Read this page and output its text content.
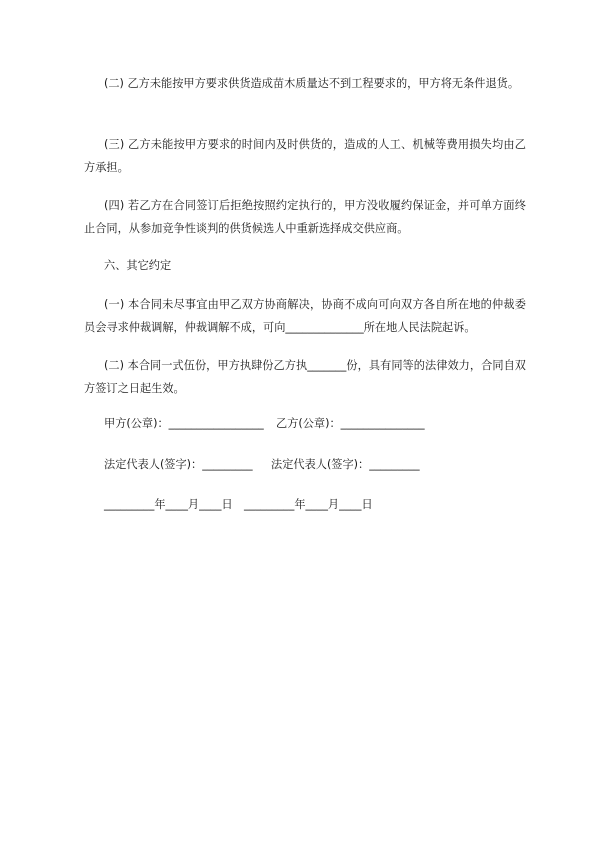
(二) 乙方未能按甲方要求供货造成苗木质量达不到工程要求的，甲方将无条件退货。

(三) 乙方未能按甲方要求的时间内及时供货的，造成的人工、机械等费用损失均由乙方承担。

(四) 若乙方在合同签订后拒绝按照约定执行的，甲方没收履约保证金，并可单方面终止合同，从参加竞争性谈判的供货候选人中重新选择成交供应商。

六、其它约定

(一) 本合同未尽事宜由甲乙双方协商解决，协商不成向可向双方各自所在地的仲裁委员会寻求仲裁调解，仲裁调解不成，可向______________所在地人民法院起诉。

(二) 本合同一式伍份，甲方执肆份乙方执_______份，具有同等的法律效力，合同自双方签订之日起生效。

甲方(公章)：_________________ 乙方(公章)：_______________

法定代表人(签字)：_________ 法定代表人(签字)：_________

_________年____月____日 _________年____月____日
